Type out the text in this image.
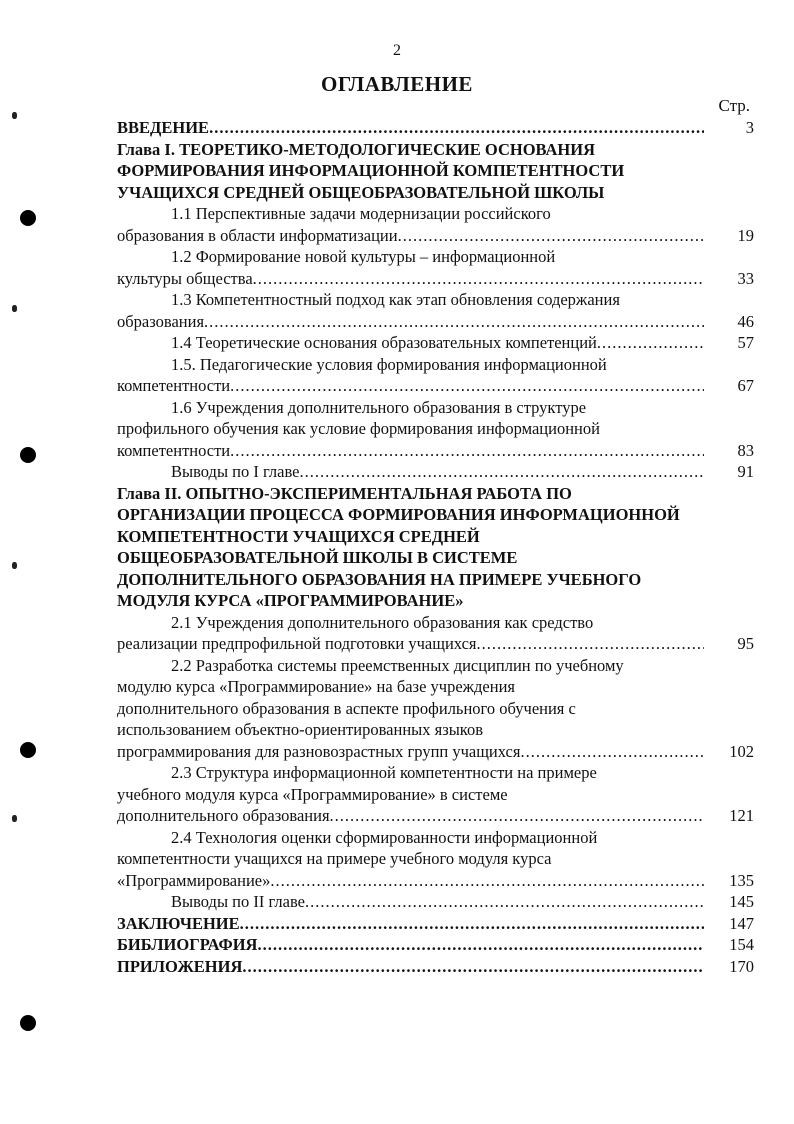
2
ОГЛАВЛЕНИЕ
Стр.
ВВЕДЕНИЕ .....	3
Глава I. ТЕОРЕТИКО-МЕТОДОЛОГИЧЕСКИЕ ОСНОВАНИЯ ФОРМИРОВАНИЯ ИНФОРМАЦИОННОЙ КОМПЕТЕНТНОСТИ УЧАЩИХСЯ СРЕДНЕЙ ОБЩЕОБРАЗОВАТЕЛЬНОЙ ШКОЛЫ
1.1 Перспективные задачи модернизации российского
образования в области информатизации .....	19
1.2 Формирование новой культуры – информационной
культуры общества .....	33
1.3 Компетентностный подход как этап обновления содержания
образования .....	46
1.4 Теоретические основания образовательных компетенций .....	57
1.5. Педагогические условия формирования информационной
компетентности .....	67
1.6 Учреждения дополнительного образования в структуре
профильного обучения как условие формирования информационной
компетентности .....	83
Выводы по I главе .....	91
Глава II. ОПЫТНО-ЭКСПЕРИМЕНТАЛЬНАЯ РАБОТА ПО ОРГАНИЗАЦИИ ПРОЦЕССА ФОРМИРОВАНИЯ ИНФОРМАЦИОННОЙ КОМПЕТЕНТНОСТИ УЧАЩИХСЯ СРЕДНЕЙ ОБЩЕОБРАЗОВАТЕЛЬНОЙ ШКОЛЫ В СИСТЕМЕ ДОПОЛНИТЕЛЬНОГО ОБРАЗОВАНИЯ НА ПРИМЕРЕ УЧЕБНОГО МОДУЛЯ КУРСА «ПРОГРАММИРОВАНИЕ»
2.1 Учреждения дополнительного образования как средство
реализации предпрофильной подготовки учащихся .....	95
2.2 Разработка системы преемственных дисциплин по учебному
модулю курса «Программирование» на базе учреждения
дополнительного образования в аспекте профильного обучения с
использованием объектно-ориентированных языков
программирования для разновозрастных групп учащихся .....	102
2.3 Структура информационной компетентности на примере
учебного модуля курса «Программирование» в системе
дополнительного образования .....	121
2.4 Технология оценки сформированности информационной
компетентности учащихся на примере учебного модуля курса
«Программирование» .....	135
Выводы по II главе .....	145
ЗАКЛЮЧЕНИЕ .....	147
БИБЛИОГРАФИЯ .....	154
ПРИЛОЖЕНИЯ .....	170
